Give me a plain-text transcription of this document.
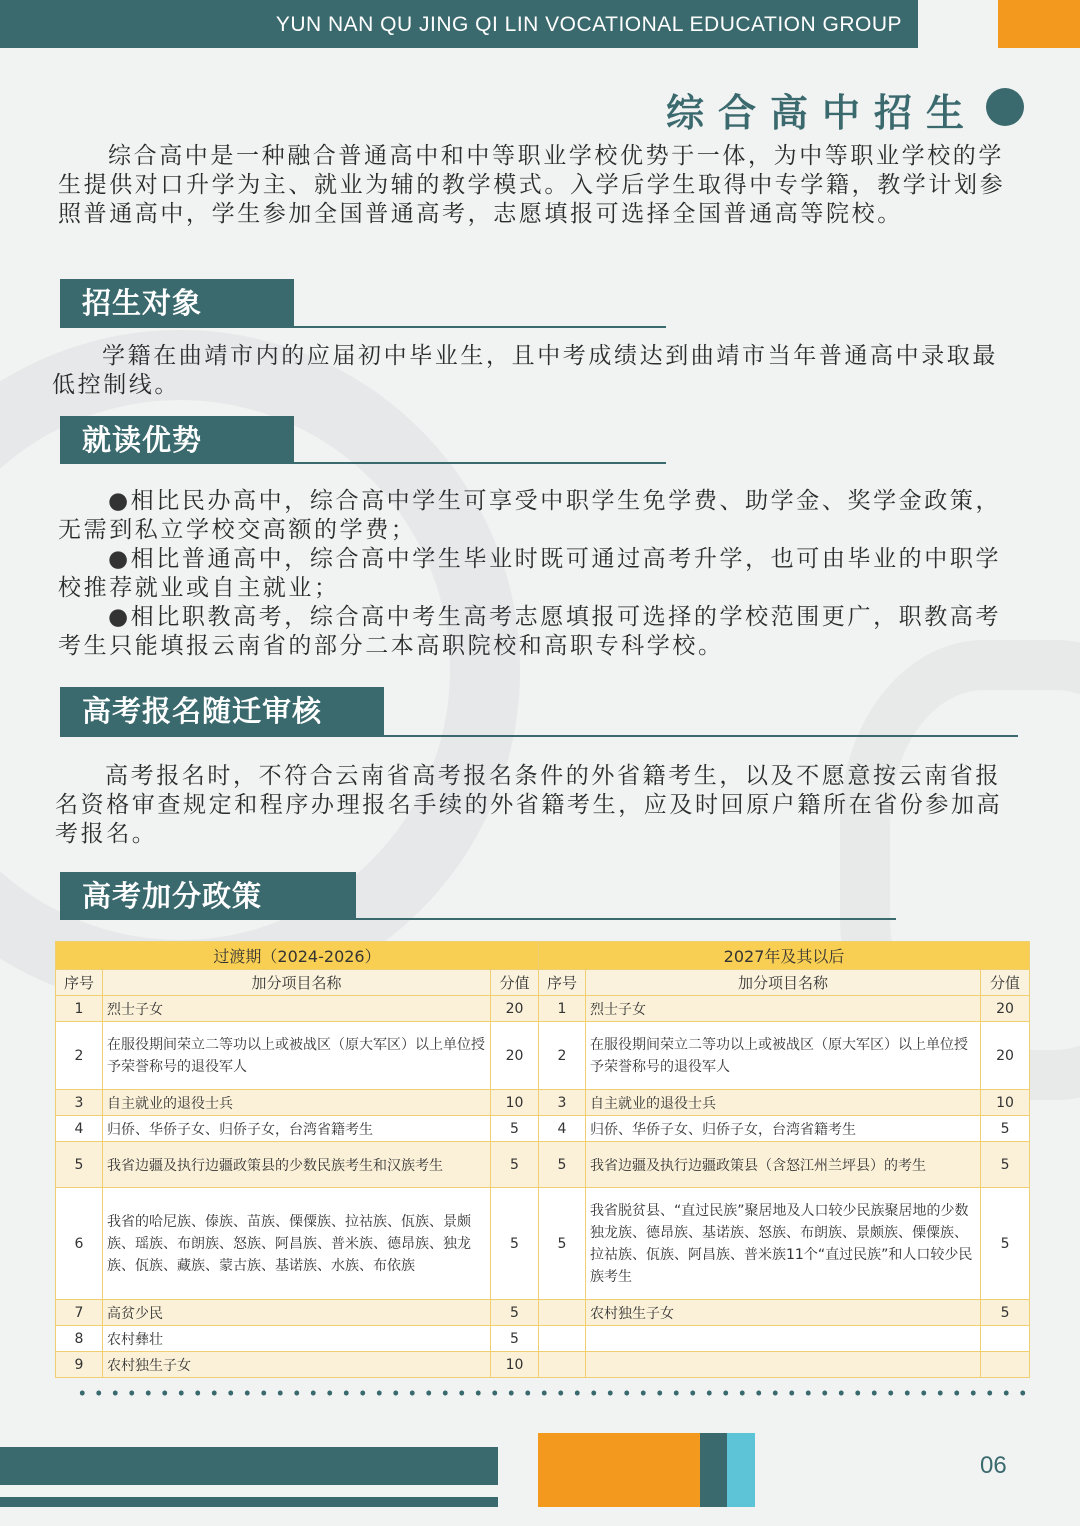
YUN NAN QU JING QI LIN VOCATIONAL EDUCATION GROUP
综合高中招生
综合高中是一种融合普通高中和中等职业学校优势于一体，为中等职业学校的学生提供对口升学为主、就业为辅的教学模式。入学后学生取得中专学籍，教学计划参照普通高中，学生参加全国普通高考，志愿填报可选择全国普通高等院校。
招生对象
学籍在曲靖市内的应届初中毕业生，且中考成绩达到曲靖市当年普通高中录取最低控制线。
就读优势
●相比民办高中，综合高中学生可享受中职学生免学费、助学金、奖学金政策，无需到私立学校交高额的学费；
●相比普通高中，综合高中学生毕业时既可通过高考升学，也可由毕业的中职学校推荐就业或自主就业；
●相比职教高考，综合高中考生高考志愿填报可选择的学校范围更广，职教高考考生只能填报云南省的部分二本高职院校和高职专科学校。
高考报名随迁审核
高考报名时，不符合云南省高考报名条件的外省籍考生，以及不愿意按云南省报名资格审查规定和程序办理报名手续的外省籍考生，应及时回原户籍所在省份参加高考报名。
高考加分政策
过渡期（2024-2026）			2027年及其以后		
序号	加分项目名称	分值	序号	加分项目名称	分值
1	烈士子女	20	1	烈士子女	20
2	在服役期间荣立二等功以上或被战区（原大军区）以上单位授予荣誉称号的退役军人	20	2	在服役期间荣立二等功以上或被战区（原大军区）以上单位授予荣誉称号的退役军人	20
3	自主就业的退役士兵	10	3	自主就业的退役士兵	10
4	归侨、华侨子女、归侨子女，台湾省籍考生	5	4	归侨、华侨子女、归侨子女，台湾省籍考生	5
5	我省边疆及执行边疆政策县的少数民族考生和汉族考生	5	5	我省边疆及执行边疆政策县（含怒江州兰坪县）的考生	5
6	我省的哈尼族、傣族、苗族、傈僳族、拉祜族、佤族、景颇族、瑶族、布朗族、怒族、阿昌族、普米族、德昂族、独龙族、佤族、藏族、蒙古族、基诺族、水族、布依族	5	5	我省脱贫县、“直过民族”聚居地及人口较少民族聚居地的少数独龙族、德昂族、基诺族、怒族、布朗族、景颇族、傈僳族、拉祜族、佤族、阿昌族、普米族11个“直过民族”和人口较少民族考生	5
7	高贫少民	5		农村独生子女	5
8	农村彝壮	5			
9	农村独生子女	10			
06
